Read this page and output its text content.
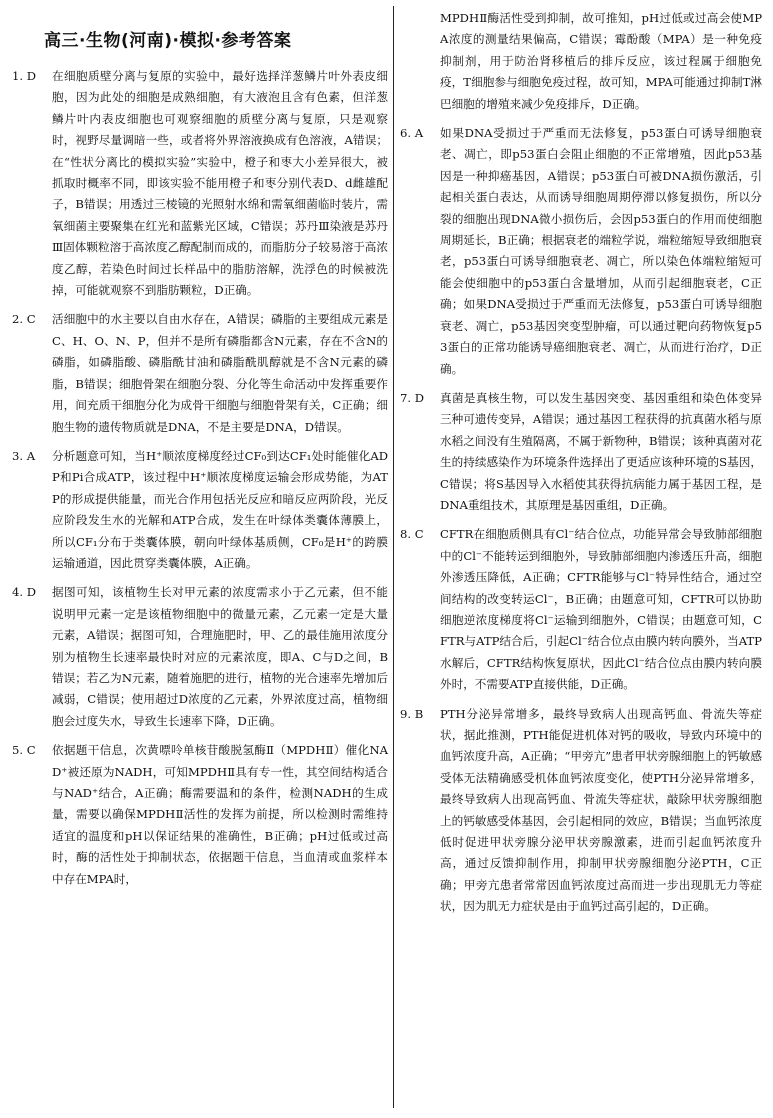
高三·生物(河南)·模拟·参考答案
1. D	在细胞质壁分离与复原的实验中，最好选择洋葱鳞片叶外表皮细胞，因为此处的细胞是成熟细胞，有大液泡且含有色素，但洋葱鳞片叶内表皮细胞也可观察细胞的质壁分离与复原，只是观察时，视野尽量调暗一些，或者将外界溶液换成有色溶液，A错误；在“性状分离比的模拟实验”实验中，橙子和枣大小差异很大，被抓取时概率不同，即该实验不能用橙子和枣分别代表D、d雌雄配子，B错误；用透过三棱镜的光照射水绵和需氧细菌临时装片，需氧细菌主要聚集在红光和蓝紫光区域，C错误；苏丹Ⅲ染液是苏丹Ⅲ固体颗粒溶于高浓度乙醇配制而成的，而脂肪分子较易溶于高浓度乙醇，若染色时间过长样品中的脂肪溶解，洗浮色的时候被洗掉，可能就观察不到脂肪颗粒，D正确。
2. C	活细胞中的水主要以自由水存在，A错误；磷脂的主要组成元素是C、H、O、N、P，但并不是所有磷脂都含N元素，存在不含N的磷脂，如磷脂酸、磷脂酰甘油和磷脂酰肌醇就是不含N元素的磷脂，B错误；细胞骨架在细胞分裂、分化等生命活动中发挥重要作用，间充质干细胞分化为成骨干细胞与细胞骨架有关，C正确；细胞生物的遗传物质就是DNA，不是主要是DNA，D错误。
3. A	分析题意可知，当H⁺顺浓度梯度经过CF₀到达CF₁处时能催化ADP和Pi合成ATP，该过程中H⁺顺浓度梯度运输会形成势能，为ATP的形成提供能量，而光合作用包括光反应和暗反应两阶段，光反应阶段发生水的光解和ATP合成，发生在叶绿体类囊体薄膜上，所以CF₁分布于类囊体膜，朝向叶绿体基质侧，CF₀是H⁺的跨膜运输通道，因此贯穿类囊体膜，A正确。
4. D	据图可知，该植物生长对甲元素的浓度需求小于乙元素，但不能说明甲元素一定是该植物细胞中的微量元素，乙元素一定是大量元素，A错误；据图可知，合理施肥时，甲、乙的最佳施用浓度分别为植物生长速率最快时对应的元素浓度，即A、C与D之间，B错误；若乙为N元素，随着施肥的进行，植物的光合速率先增加后减弱，C错误；使用超过D浓度的乙元素，外界浓度过高，植物细胞会过度失水，导致生长速率下降，D正确。
5. C	依据题干信息，次黄嘌呤单核苷酸脱氢酶Ⅱ（MPDHⅡ）催化NAD⁺被还原为NADH，可知MPDHⅡ具有专一性，其空间结构适合与NAD⁺结合，A正确；酶需要温和的条件，检测NADH的生成量，需要以确保MPDHⅡ活性的发挥为前提，所以检测时需维持适宜的温度和pH以保证结果的准确性，B正确；pH过低或过高时，酶的活性处于抑制状态，依据题干信息，当血清或血浆样本中存在MPA时，
MPDHⅡ酶活性受到抑制，故可推知，pH过低或过高会使MPA浓度的测量结果偏高，C错误；霉酚酸（MPA）是一种免疫抑制剂，用于防治肾移植后的排斥反应，该过程属于细胞免疫，T细胞参与细胞免疫过程，故可知，MPA可能通过抑制T淋巴细胞的增殖来减少免疫排斥，D正确。
6. A	如果DNA受损过于严重而无法修复，p53蛋白可诱导细胞衰老、凋亡，即p53蛋白会阻止细胞的不正常增殖，因此p53基因是一种抑癌基因，A错误；p53蛋白可被DNA损伤激活，引起相关蛋白表达，从而诱导细胞周期停滞以修复损伤，所以分裂的细胞出现DNA微小损伤后，会因p53蛋白的作用而使细胞周期延长，B正确；根据衰老的端粒学说，端粒缩短导致细胞衰老，p53蛋白可诱导细胞衰老、凋亡，所以染色体端粒缩短可能会使细胞中的p53蛋白含量增加，从而引起细胞衰老，C正确；如果DNA受损过于严重而无法修复，p53蛋白可诱导细胞衰老、凋亡，p53基因突变型肿瘤，可以通过靶向药物恢复p53蛋白的正常功能诱导癌细胞衰老、凋亡，从而进行治疗，D正确。
7. D	真菌是真核生物，可以发生基因突变、基因重组和染色体变异三种可遗传变异，A错误；通过基因工程获得的抗真菌水稻与原水稻之间没有生殖隔离，不属于新物种，B错误；该种真菌对花生的持续感染作为环境条件选择出了更适应该种环境的S基因，C错误；将S基因导入水稻使其获得抗病能力属于基因工程，是DNA重组技术，其原理是基因重组，D正确。
8. C	CFTR在细胞质侧具有Cl⁻结合位点，功能异常会导致肺部细胞中的Cl⁻不能转运到细胞外，导致肺部细胞内渗透压升高，细胞外渗透压降低，A正确；CFTR能够与Cl⁻特异性结合，通过空间结构的改变转运Cl⁻，B正确；由题意可知，CFTR可以协助细胞逆浓度梯度将Cl⁻运输到细胞外，C错误；由题意可知，CFTR与ATP结合后，引起Cl⁻结合位点由膜内转向膜外，当ATP水解后，CFTR结构恢复原状，因此Cl⁻结合位点由膜内转向膜外时，不需要ATP直接供能，D正确。
9. B	PTH分泌异常增多，最终导致病人出现高钙血、骨流失等症状，据此推测，PTH能促进机体对钙的吸收，导致内环境中的血钙浓度升高，A正确；“甲旁亢”患者甲状旁腺细胞上的钙敏感受体无法精确感受机体血钙浓度变化，使PTH分泌异常增多，最终导致病人出现高钙血、骨流失等症状，敲除甲状旁腺细胞上的钙敏感受体基因，会引起相同的效应，B错误；当血钙浓度低时促进甲状旁腺分泌甲状旁腺激素，进而引起血钙浓度升高，通过反馈抑制作用，抑制甲状旁腺细胞分泌PTH，C正确；甲旁亢患者常常因血钙浓度过高而进一步出现肌无力等症状，因为肌无力症状是由于血钙过高引起的，D正确。
